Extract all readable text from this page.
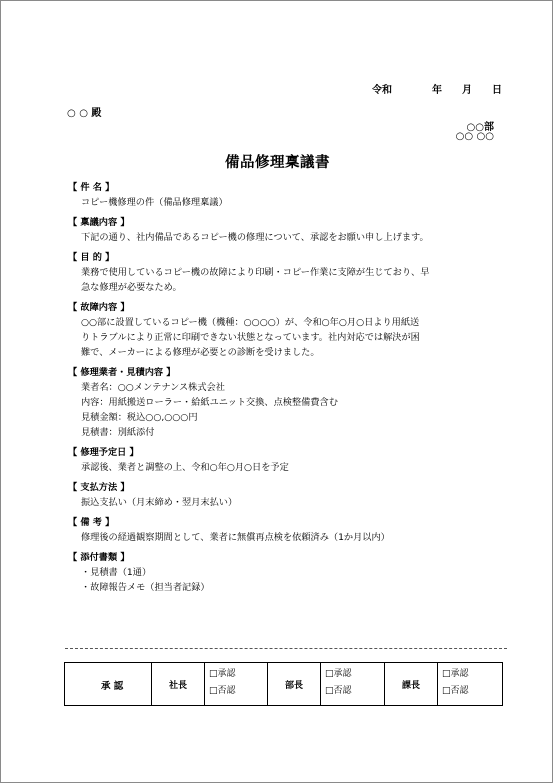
令和	年 月 日
○ ○ 殿
○○部
○○ ○○
備品修理稟議書
【 件 名 】
コピー機修理の件（備品修理稟議）
【 稟議内容 】
下記の通り、社内備品であるコピー機の修理について、承認をお願い申し上げます。
【 目 的 】
業務で使用しているコピー機の故障により印刷・コピー作業に支障が生じており、早
急な修理が必要なため。
【 故障内容 】
○○部に設置しているコピー機（機種：○○○○）が、令和○年○月○日より用紙送
りトラブルにより正常に印刷できない状態となっています。社内対応では解決が困
難で、メーカーによる修理が必要との診断を受けました。
【 修理業者・見積内容 】
業者名：○○メンテナンス株式会社
内容：用紙搬送ローラー・給紙ユニット交換、点検整備費含む
見積金額：税込○○,○○○円
見積書：別紙添付
【 修理予定日 】
承認後、業者と調整の上、令和○年○月○日を予定
【 支払方法 】
振込支払い（月末締め・翌月末払い）
【 備 考 】
修理後の経過観察期間として、業者に無償再点検を依頼済み（1か月以内）
【 添付書類 】
・見積書（1通）
・故障報告メモ（担当者記録）
承 認	社長
□承認
□否認
部長
□承認
□否認
課長
□承認
□否認
